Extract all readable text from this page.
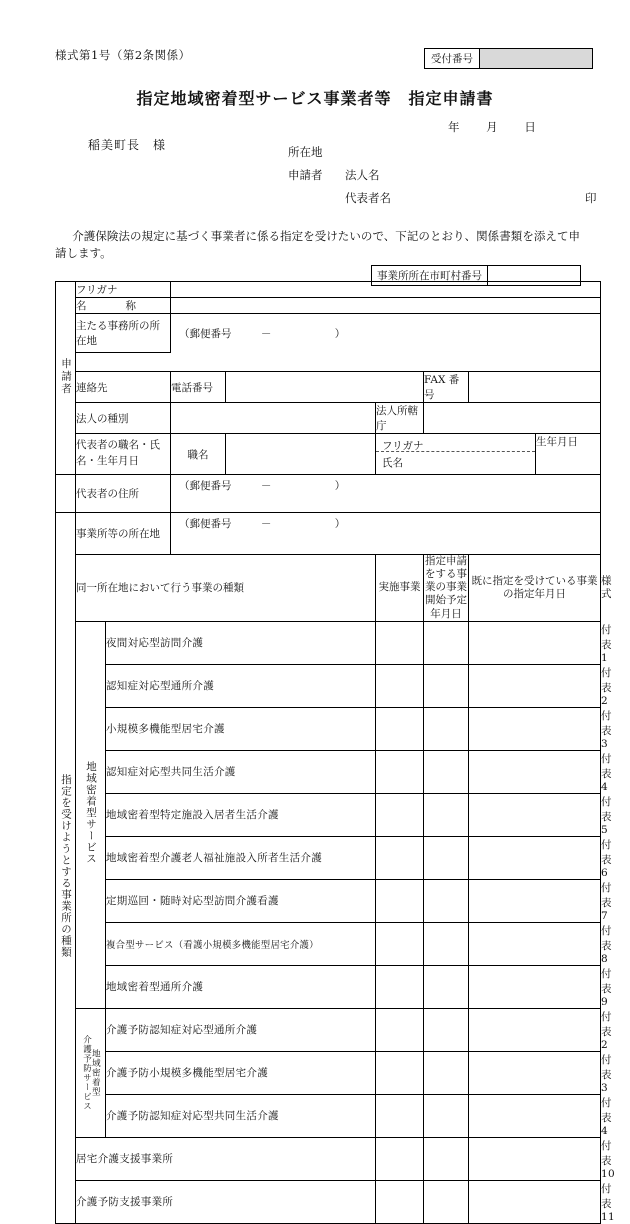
様式第1号（第2条関係）	受付番号
指定地域密着型サービス事業者等　指定申請書
年 月 日
稲美町長　様	所在地
申請者 法人名
代表者名	印
介護保険法の規定に基づく事業者に係る指定を受けたいので、下記のとおり、関係書類を添えて申請します。
事業所所在市町村番号
申請者	フリガナ								
	名　　称								
	主たる事務所の所在地		（郵便番号 － ）						

	連絡先		電話番号			FAX 番号			
	法人の種別				法人所轄庁				
	代表者の職名・氏名・生年月日		職名		フリガナ
氏名			生年月日	
	代表者の住所		（郵便番号 － ）						

指定を受けようとする事業所の種類	事業所等の所在地		（郵便番号 － ）						

	同一所在地において行う事業の種類				実施事業	指定申請をする事業の事業開始予定年月日	既に指定を受けている事業の指定年月日		様式
	地域密着型サービス	夜間対応型訪問介護							付表1
		認知症対応型通所介護							付表2
		小規模多機能型居宅介護							付表3
		認知症対応型共同生活介護							付表4
		地域密着型特定施設入居者生活介護							付表5
		地域密着型介護老人福祉施設入所者生活介護							付表6
		定期巡回・随時対応型訪問介護看護							付表7
		複合型サービス（看護小規模多機能型居宅介護）							付表8
		地域密着型通所介護							付表9

	地域密着型
介護予防サービス	介護予防認知症対応型通所介護							付表2
		介護予防小規模多機能型居宅介護							付表3
		介護予防認知症対応型共同生活介護							付表4
	居宅介護支援事業所								付表10
	介護予防支援事業所								付表11
